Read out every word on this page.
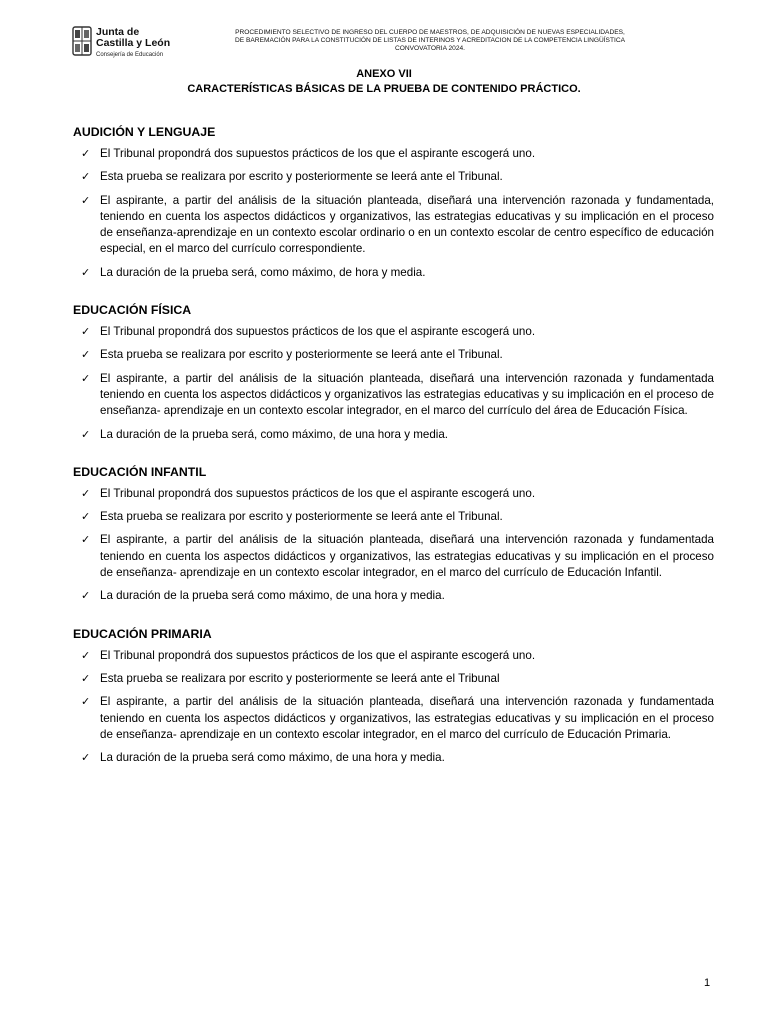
Junta de
Castilla y León
Consejería de Educación
PROCEDIMIENTO SELECTIVO DE INGRESO DEL CUERPO DE MAESTROS, DE ADQUISICIÓN DE NUEVAS ESPECIALIDADES,
DE BAREMACIÓN PARA LA CONSTITUCIÓN DE LISTAS DE INTERINOS Y ACREDITACION DE LA COMPETENCIA LINGÜÍSTICA
CONVOVATORIA 2024.
ANEXO VII
CARACTERÍSTICAS BÁSICAS DE LA PRUEBA DE CONTENIDO PRÁCTICO.
AUDICIÓN Y LENGUAJE
✓ El Tribunal propondrá dos supuestos prácticos de los que el aspirante escogerá uno.
✓ Esta prueba se realizara por escrito y posteriormente se leerá ante el Tribunal.
✓ El aspirante, a partir del análisis de la situación planteada, diseñará una intervención razonada y fundamentada, teniendo en cuenta los aspectos didácticos y organizativos, las estrategias educativas y su implicación en el proceso de enseñanza-aprendizaje en un contexto escolar ordinario o en un contexto escolar de centro específico de educación especial, en el marco del currículo correspondiente.
✓ La duración de la prueba será, como máximo, de hora y media.
EDUCACIÓN FÍSICA
✓ El Tribunal propondrá dos supuestos prácticos de los que el aspirante escogerá uno.
✓ Esta prueba se realizara por escrito y posteriormente se leerá ante el Tribunal.
✓ El aspirante, a partir del análisis de la situación planteada, diseñará una intervención razonada y fundamentada teniendo en cuenta los aspectos didácticos y organizativos las estrategias educativas y su implicación en el proceso de enseñanza- aprendizaje en un contexto escolar integrador, en el marco del currículo del área de Educación Física.
✓ La duración de la prueba será, como máximo, de una hora y media.
EDUCACIÓN INFANTIL
✓ El Tribunal propondrá dos supuestos prácticos de los que el aspirante escogerá uno.
✓ Esta prueba se realizara por escrito y posteriormente se leerá ante el Tribunal.
✓ El aspirante, a partir del análisis de la situación planteada, diseñará una intervención razonada y fundamentada teniendo en cuenta los aspectos didácticos y organizativos, las estrategias educativas y su implicación en el proceso de enseñanza- aprendizaje en un contexto escolar integrador, en el marco del currículo de Educación Infantil.
✓ La duración de la prueba será como máximo, de una hora y media.
EDUCACIÓN PRIMARIA
✓ El Tribunal propondrá dos supuestos prácticos de los que el aspirante escogerá uno.
✓ Esta prueba se realizara por escrito y posteriormente se leerá ante el Tribunal
✓ El aspirante, a partir del análisis de la situación planteada, diseñará una intervención razonada y fundamentada teniendo en cuenta los aspectos didácticos y organizativos, las estrategias educativas y su implicación en el proceso de enseñanza- aprendizaje en un contexto escolar integrador, en el marco del currículo de Educación Primaria.
✓ La duración de la prueba será como máximo, de una hora y media.
1
